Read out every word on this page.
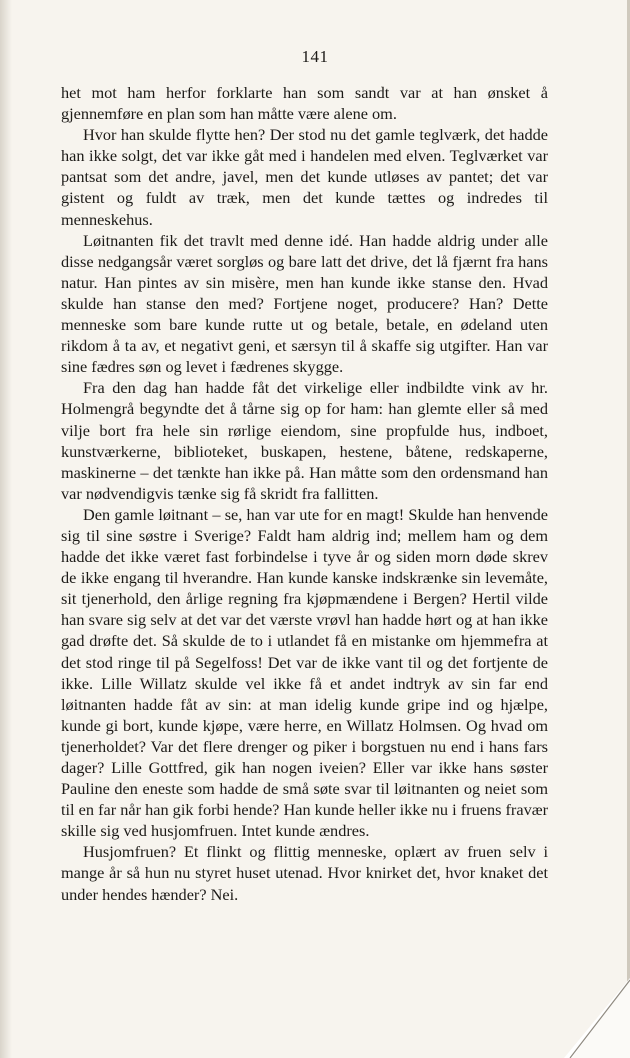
141

het mot ham herfor forklarte han som sandt var at han ønsket å gjennemføre en plan som han måtte være alene om.

Hvor han skulde flytte hen? Der stod nu det gamle teglværk, det hadde han ikke solgt, det var ikke gåt med i handelen med elven. Teglværket var pantsat som det andre, javel, men det kunde utløses av pantet; det var gistent og fuldt av træk, men det kunde tættes og indredes til menneskehus.

Løitnanten fik det travlt med denne idé. Han hadde aldrig under alle disse nedgangsår været sorgløs og bare latt det drive, det lå fjærnt fra hans natur. Han pintes av sin misère, men han kunde ikke stanse den. Hvad skulde han stanse den med? Fortjene noget, producere? Han? Dette menneske som bare kunde rutte ut og betale, betale, en ødeland uten rikdom å ta av, et negativt geni, et særsyn til å skaffe sig utgifter. Han var sine fædres søn og levet i fædrenes skygge.

Fra den dag han hadde fåt det virkelige eller indbildte vink av hr. Holmengrå begyndte det å tårne sig op for ham: han glemte eller så med vilje bort fra hele sin rørlige eiendom, sine propfulde hus, indboet, kunstværkerne, biblioteket, buskapen, hestene, båtene, redskaperne, maskinerne – det tænkte han ikke på. Han måtte som den ordensmand han var nødvendigvis tænke sig få skridt fra fallitten.

Den gamle løitnant – se, han var ute for en magt! Skulde han henvende sig til sine søstre i Sverige? Faldt ham aldrig ind; mellem ham og dem hadde det ikke været fast forbindelse i tyve år og siden morn døde skrev de ikke engang til hverandre. Han kunde kanske indskrænke sin levemåte, sit tjenerhold, den årlige regning fra kjøpmændene i Bergen? Hertil vilde han svare sig selv at det var det værste vrøvl han hadde hørt og at han ikke gad drøfte det. Så skulde de to i utlandet få en mistanke om hjemmefra at det stod ringe til på Segelfoss! Det var de ikke vant til og det fortjente de ikke. Lille Willatz skulde vel ikke få et andet indtryk av sin far end løitnanten hadde fåt av sin: at man idelig kunde gripe ind og hjælpe, kunde gi bort, kunde kjøpe, være herre, en Willatz Holmsen. Og hvad om tjenerholdet? Var det flere drenger og piker i borgstuen nu end i hans fars dager? Lille Gottfred, gik han nogen iveien? Eller var ikke hans søster Pauline den eneste som hadde de små søte svar til løitnanten og neiet som til en far når han gik forbi hende? Han kunde heller ikke nu i fruens fravær skille sig ved husjomfruen. Intet kunde ændres.

Husjomfruen? Et flinkt og flittig menneske, oplært av fruen selv i mange år så hun nu styret huset utenad. Hvor knirket det, hvor knaket det under hendes hænder? Nei.
